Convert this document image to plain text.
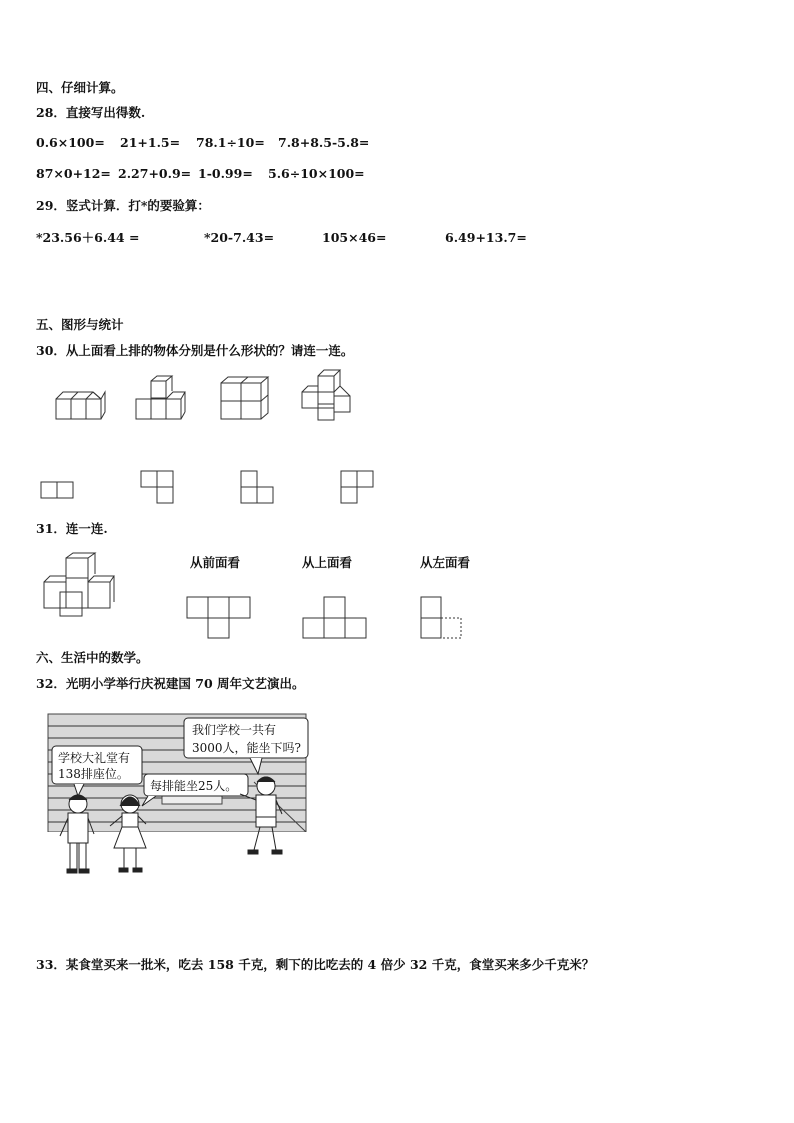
四、仔细计算。
28．直接写出得数.
0.6×100= 21+1.5= 78.1÷10= 7.8+8.5-5.8=
87×0+12= 2.27+0.9= 1-0.99= 5.6÷10×100=
29．竖式计算．打*的要验算：
*23.56＋6.44 =	*20-7.43=	105×46=	6.49+13.7=
五、图形与统计
30．从上面看上排的物体分别是什么形状的？请连一连。
31．连一连.
从前面看	从上面看	从左面看
六、生活中的数学。
32．光明小学举行庆祝建国 70 周年文艺演出。
我们学校一共有
3000人，能坐下吗?
学校大礼堂有
138排座位。
每排能坐25人。
33．某食堂买来一批米，吃去 158 千克，剩下的比吃去的 4 倍少 32 千克，食堂买来多少千克米？
